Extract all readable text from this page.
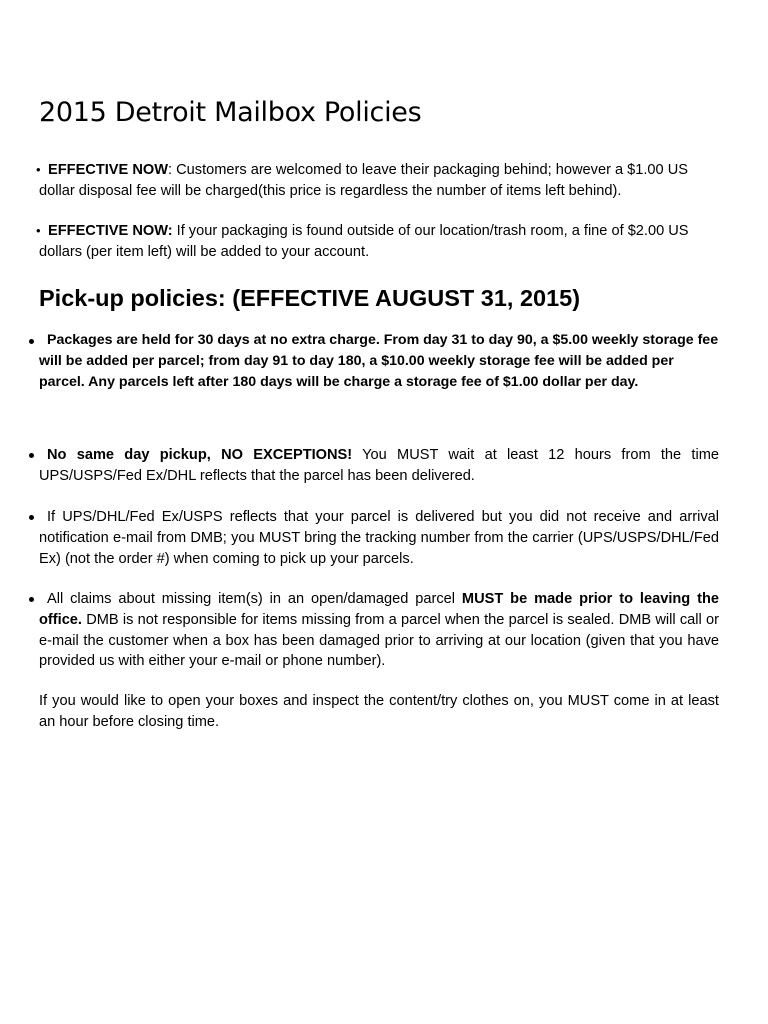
2015 Detroit Mailbox Policies
• EFFECTIVE NOW: Customers are welcomed to leave their packaging behind; however a $1.00 US dollar disposal fee will be charged(this price is regardless the number of items left behind).

• EFFECTIVE NOW: If your packaging is found outside of our location/trash room, a fine of $2.00 US dollars (per item left) will be added to your account.

Pick-up policies: (EFFECTIVE AUGUST 31, 2015)

Packages are held for 30 days at no extra charge. From day 31 to day 90, a $5.00 weekly storage fee will be added per parcel; from day 91 to day 180, a $10.00 weekly storage fee will be added per parcel. Any parcels left after 180 days will be charge a storage fee of $1.00 dollar per day.

No same day pickup, NO EXCEPTIONS! You MUST wait at least 12 hours from the time UPS/USPS/Fed Ex/DHL reflects that the parcel has been delivered.

If UPS/DHL/Fed Ex/USPS reflects that your parcel is delivered but you did not receive and arrival notification e-mail from DMB; you MUST bring the tracking number from the carrier (UPS/USPS/DHL/Fed Ex) (not the order #) when coming to pick up your parcels.

All claims about missing item(s) in an open/damaged parcel MUST be made prior to leaving the office. DMB is not responsible for items missing from a parcel when the parcel is sealed. DMB will call or e-mail the customer when a box has been damaged prior to arriving at our location (given that you have provided us with either your e-mail or phone number).

If you would like to open your boxes and inspect the content/try clothes on, you MUST come in at least an hour before closing time.
